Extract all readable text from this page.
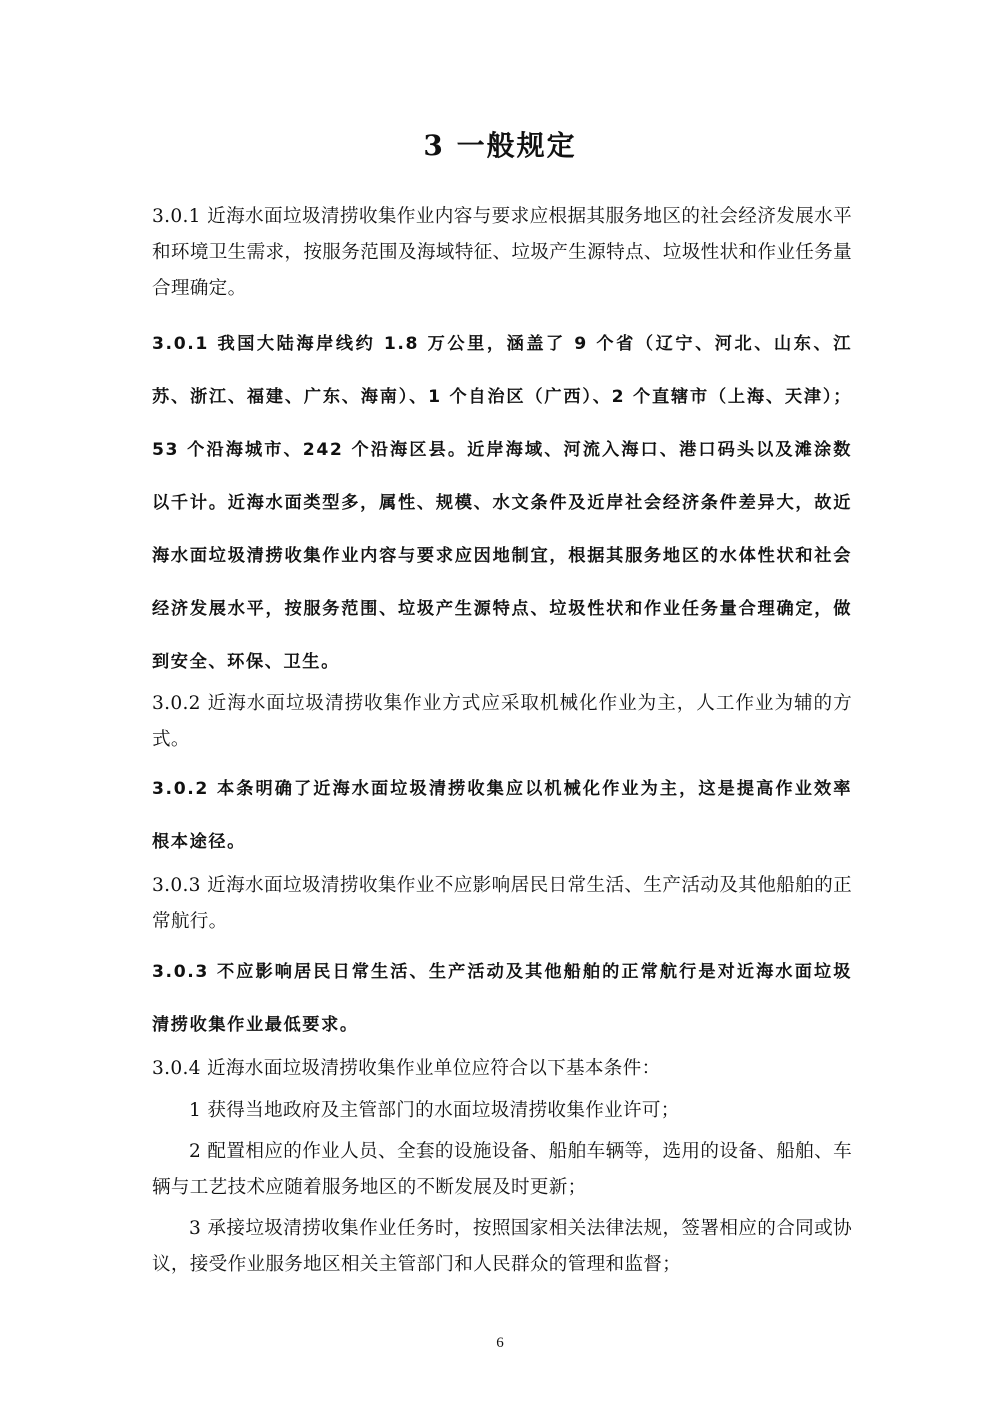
3 一般规定

3.0.1 近海水面垃圾清捞收集作业内容与要求应根据其服务地区的社会经济发展水平和环境卫生需求，按服务范围及海域特征、垃圾产生源特点、垃圾性状和作业任务量合理确定。

3.0.1 我国大陆海岸线约 1.8 万公里，涵盖了 9 个省（辽宁、河北、山东、江苏、浙江、福建、广东、海南）、1 个自治区（广西）、2 个直辖市（上海、天津）；53 个沿海城市、242 个沿海区县。近岸海域、河流入海口、港口码头以及滩涂数以千计。近海水面类型多，属性、规模、水文条件及近岸社会经济条件差异大，故近海水面垃圾清捞收集作业内容与要求应因地制宜，根据其服务地区的水体性状和社会经济发展水平，按服务范围、垃圾产生源特点、垃圾性状和作业任务量合理确定，做到安全、环保、卫生。

3.0.2 近海水面垃圾清捞收集作业方式应采取机械化作业为主，人工作业为辅的方式。

3.0.2 本条明确了近海水面垃圾清捞收集应以机械化作业为主，这是提高作业效率根本途径。

3.0.3 近海水面垃圾清捞收集作业不应影响居民日常生活、生产活动及其他船舶的正常航行。

3.0.3 不应影响居民日常生活、生产活动及其他船舶的正常航行是对近海水面垃圾清捞收集作业最低要求。

3.0.4 近海水面垃圾清捞收集作业单位应符合以下基本条件：

1 获得当地政府及主管部门的水面垃圾清捞收集作业许可；

2 配置相应的作业人员、全套的设施设备、船舶车辆等，选用的设备、船舶、车辆与工艺技术应随着服务地区的不断发展及时更新；

3 承接垃圾清捞收集作业任务时，按照国家相关法律法规，签署相应的合同或协议，接受作业服务地区相关主管部门和人民群众的管理和监督；

6
